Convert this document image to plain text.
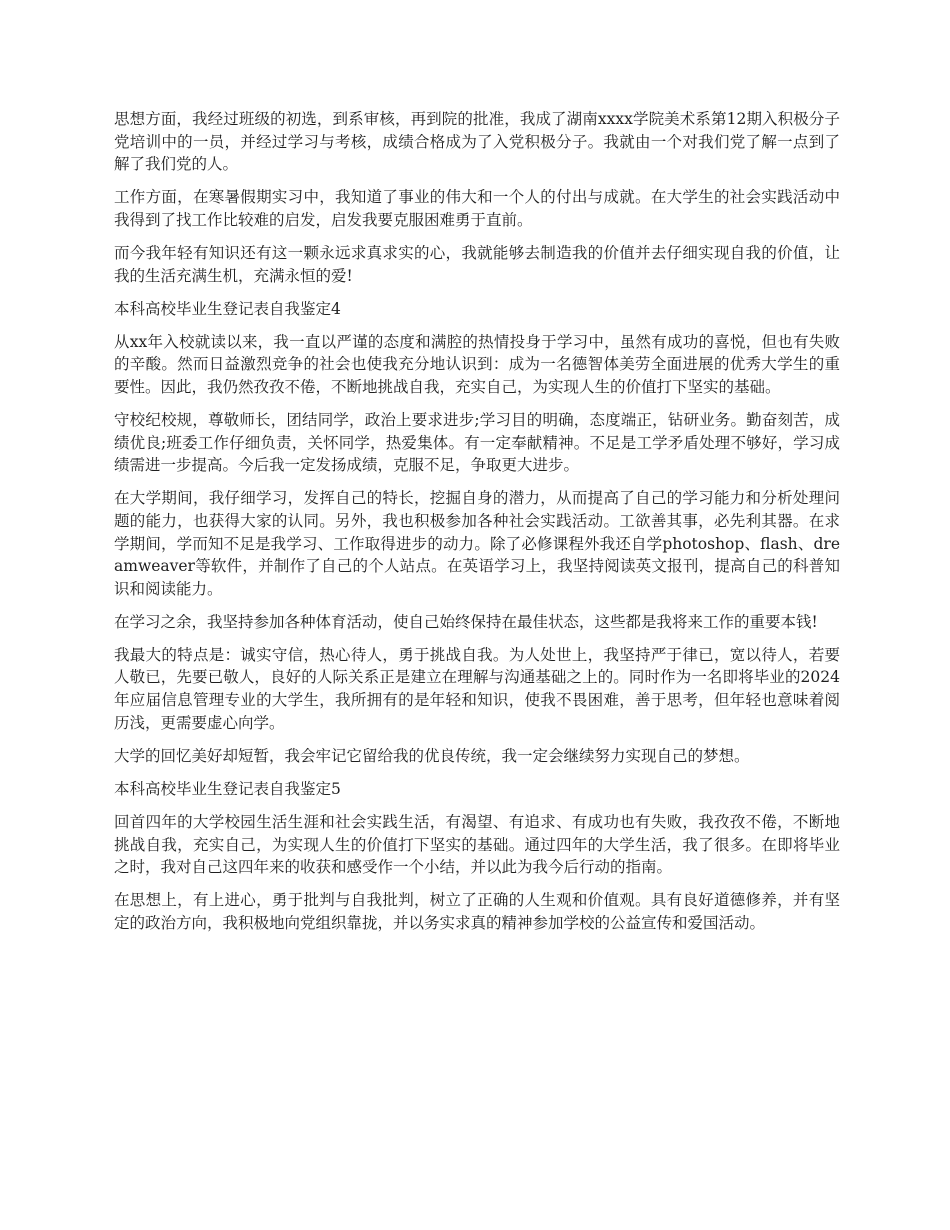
思想方面，我经过班级的初选，到系审核，再到院的批准，我成了湖南xxxx学院美术系第12期入积极分子党培训中的一员，并经过学习与考核，成绩合格成为了入党积极分子。我就由一个对我们党了解一点到了解了我们党的人。

工作方面，在寒暑假期实习中，我知道了事业的伟大和一个人的付出与成就。在大学生的社会实践活动中我得到了找工作比较难的启发，启发我要克服困难勇于直前。

而今我年轻有知识还有这一颗永远求真求实的心，我就能够去制造我的价值并去仔细实现自我的价值，让我的生活充满生机，充满永恒的爱!

本科高校毕业生登记表自我鉴定4

从xx年入校就读以来，我一直以严谨的态度和满腔的热情投身于学习中，虽然有成功的喜悦，但也有失败的辛酸。然而日益激烈竞争的社会也使我充分地认识到：成为一名德智体美劳全面进展的优秀大学生的重要性。因此，我仍然孜孜不倦，不断地挑战自我，充实自己，为实现人生的价值打下坚实的基础。

守校纪校规，尊敬师长，团结同学，政治上要求进步;学习目的明确，态度端正，钻研业务。勤奋刻苦，成绩优良;班委工作仔细负责，关怀同学，热爱集体。有一定奉献精神。不足是工学矛盾处理不够好，学习成绩需进一步提高。今后我一定发扬成绩，克服不足，争取更大进步。

在大学期间，我仔细学习，发挥自己的特长，挖掘自身的潜力，从而提高了自己的学习能力和分析处理问题的能力，也获得大家的认同。另外，我也积极参加各种社会实践活动。工欲善其事，必先利其器。在求学期间，学而知不足是我学习、工作取得进步的动力。除了必修课程外我还自学photoshop、flash、dreamweaver等软件，并制作了自己的个人站点。在英语学习上，我坚持阅读英文报刊，提高自己的科普知识和阅读能力。

在学习之余，我坚持参加各种体育活动，使自己始终保持在最佳状态，这些都是我将来工作的重要本钱!

我最大的特点是：诚实守信，热心待人，勇于挑战自我。为人处世上，我坚持严于律已，宽以待人，若要人敬已，先要已敬人，良好的人际关系正是建立在理解与沟通基础之上的。同时作为一名即将毕业的2024年应届信息管理专业的大学生，我所拥有的是年轻和知识，使我不畏困难，善于思考，但年轻也意味着阅历浅，更需要虚心向学。

大学的回忆美好却短暂，我会牢记它留给我的优良传统，我一定会继续努力实现自己的梦想。

本科高校毕业生登记表自我鉴定5

回首四年的大学校园生活生涯和社会实践生活，有渴望、有追求、有成功也有失败，我孜孜不倦，不断地挑战自我，充实自己，为实现人生的价值打下坚实的基础。通过四年的大学生活，我了很多。在即将毕业之时，我对自己这四年来的收获和感受作一个小结，并以此为我今后行动的指南。

在思想上，有上进心，勇于批判与自我批判，树立了正确的人生观和价值观。具有良好道德修养，并有坚定的政治方向，我积极地向党组织靠拢，并以务实求真的精神参加学校的公益宣传和爱国活动。
